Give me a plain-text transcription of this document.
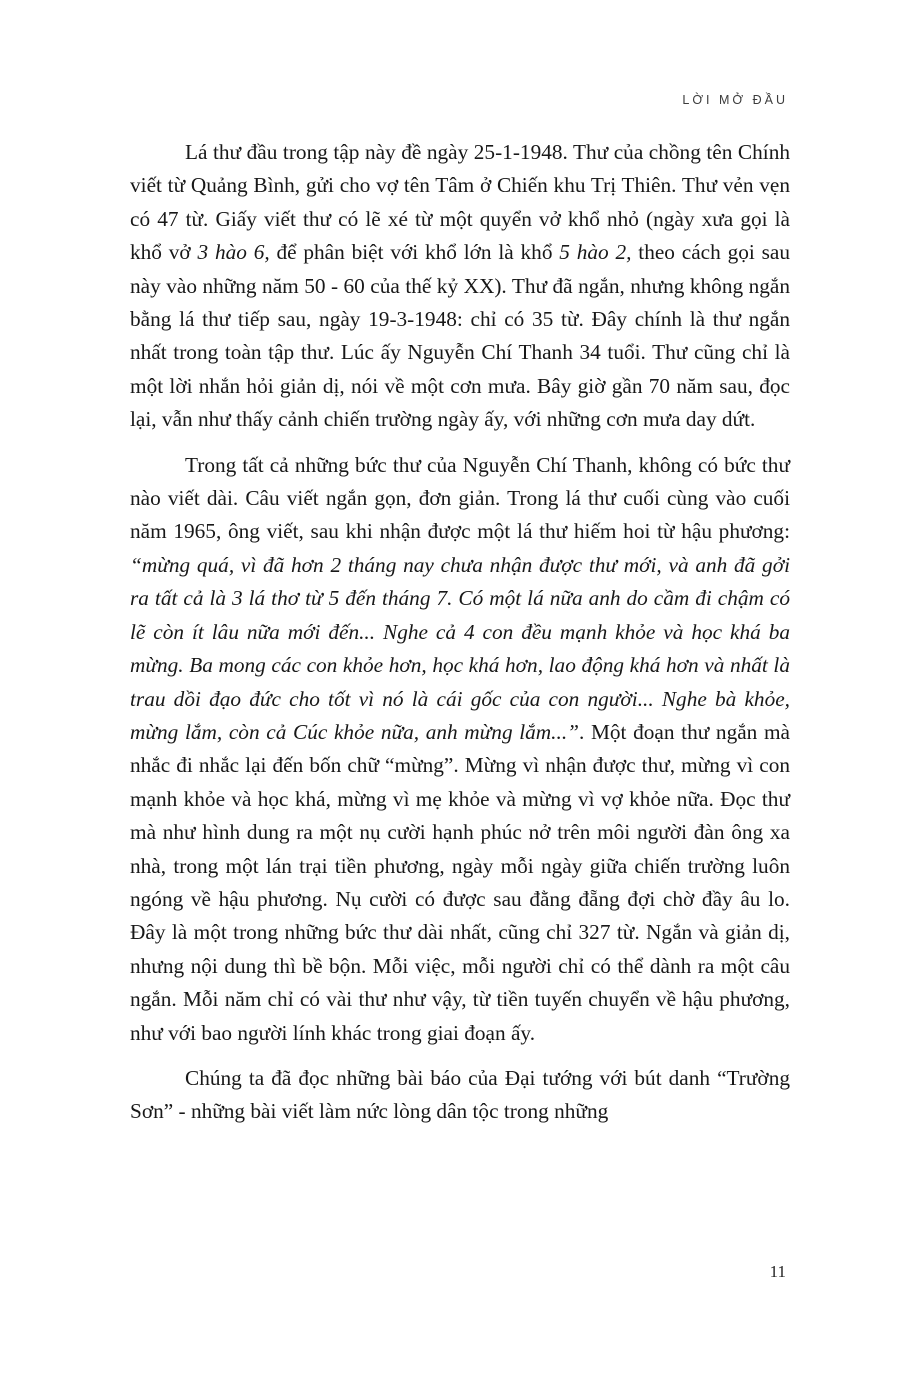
LỜI MỞ ĐẦU

Lá thư đầu trong tập này đề ngày 25-1-1948. Thư của chồng tên Chính viết từ Quảng Bình, gửi cho vợ tên Tâm ở Chiến khu Trị Thiên. Thư vẻn vẹn có 47 từ. Giấy viết thư có lẽ xé từ một quyển vở khổ nhỏ (ngày xưa gọi là khổ vở 3 hào 6, để phân biệt với khổ lớn là khổ 5 hào 2, theo cách gọi sau này vào những năm 50 - 60 của thế kỷ XX). Thư đã ngắn, nhưng không ngắn bằng lá thư tiếp sau, ngày 19-3-1948: chỉ có 35 từ. Đây chính là thư ngắn nhất trong toàn tập thư. Lúc ấy Nguyễn Chí Thanh 34 tuổi. Thư cũng chỉ là một lời nhắn hỏi giản dị, nói về một cơn mưa. Bây giờ gần 70 năm sau, đọc lại, vẫn như thấy cảnh chiến trường ngày ấy, với những cơn mưa day dứt.

Trong tất cả những bức thư của Nguyễn Chí Thanh, không có bức thư nào viết dài. Câu viết ngắn gọn, đơn giản. Trong lá thư cuối cùng vào cuối năm 1965, ông viết, sau khi nhận được một lá thư hiếm hoi từ hậu phương: “mừng quá, vì đã hơn 2 tháng nay chưa nhận được thư mới, và anh đã gởi ra tất cả là 3 lá thơ từ 5 đến tháng 7. Có một lá nữa anh do cầm đi chậm có lẽ còn ít lâu nữa mới đến... Nghe cả 4 con đều mạnh khỏe và học khá ba mừng. Ba mong các con khỏe hơn, học khá hơn, lao động khá hơn và nhất là trau dồi đạo đức cho tốt vì nó là cái gốc của con người... Nghe bà khỏe, mừng lắm, còn cả Cúc khỏe nữa, anh mừng lắm...”. Một đoạn thư ngắn mà nhắc đi nhắc lại đến bốn chữ “mừng”. Mừng vì nhận được thư, mừng vì con mạnh khỏe và học khá, mừng vì mẹ khỏe và mừng vì vợ khỏe nữa. Đọc thư mà như hình dung ra một nụ cười hạnh phúc nở trên môi người đàn ông xa nhà, trong một lán trại tiền phương, ngày mỗi ngày giữa chiến trường luôn ngóng về hậu phương. Nụ cười có được sau đằng đẵng đợi chờ đầy âu lo. Đây là một trong những bức thư dài nhất, cũng chỉ 327 từ. Ngắn và giản dị, nhưng nội dung thì bề bộn. Mỗi việc, mỗi người chỉ có thể dành ra một câu ngắn. Mỗi năm chỉ có vài thư như vậy, từ tiền tuyến chuyển về hậu phương, như với bao người lính khác trong giai đoạn ấy.

Chúng ta đã đọc những bài báo của Đại tướng với bút danh “Trường Sơn” - những bài viết làm nức lòng dân tộc trong những

11
